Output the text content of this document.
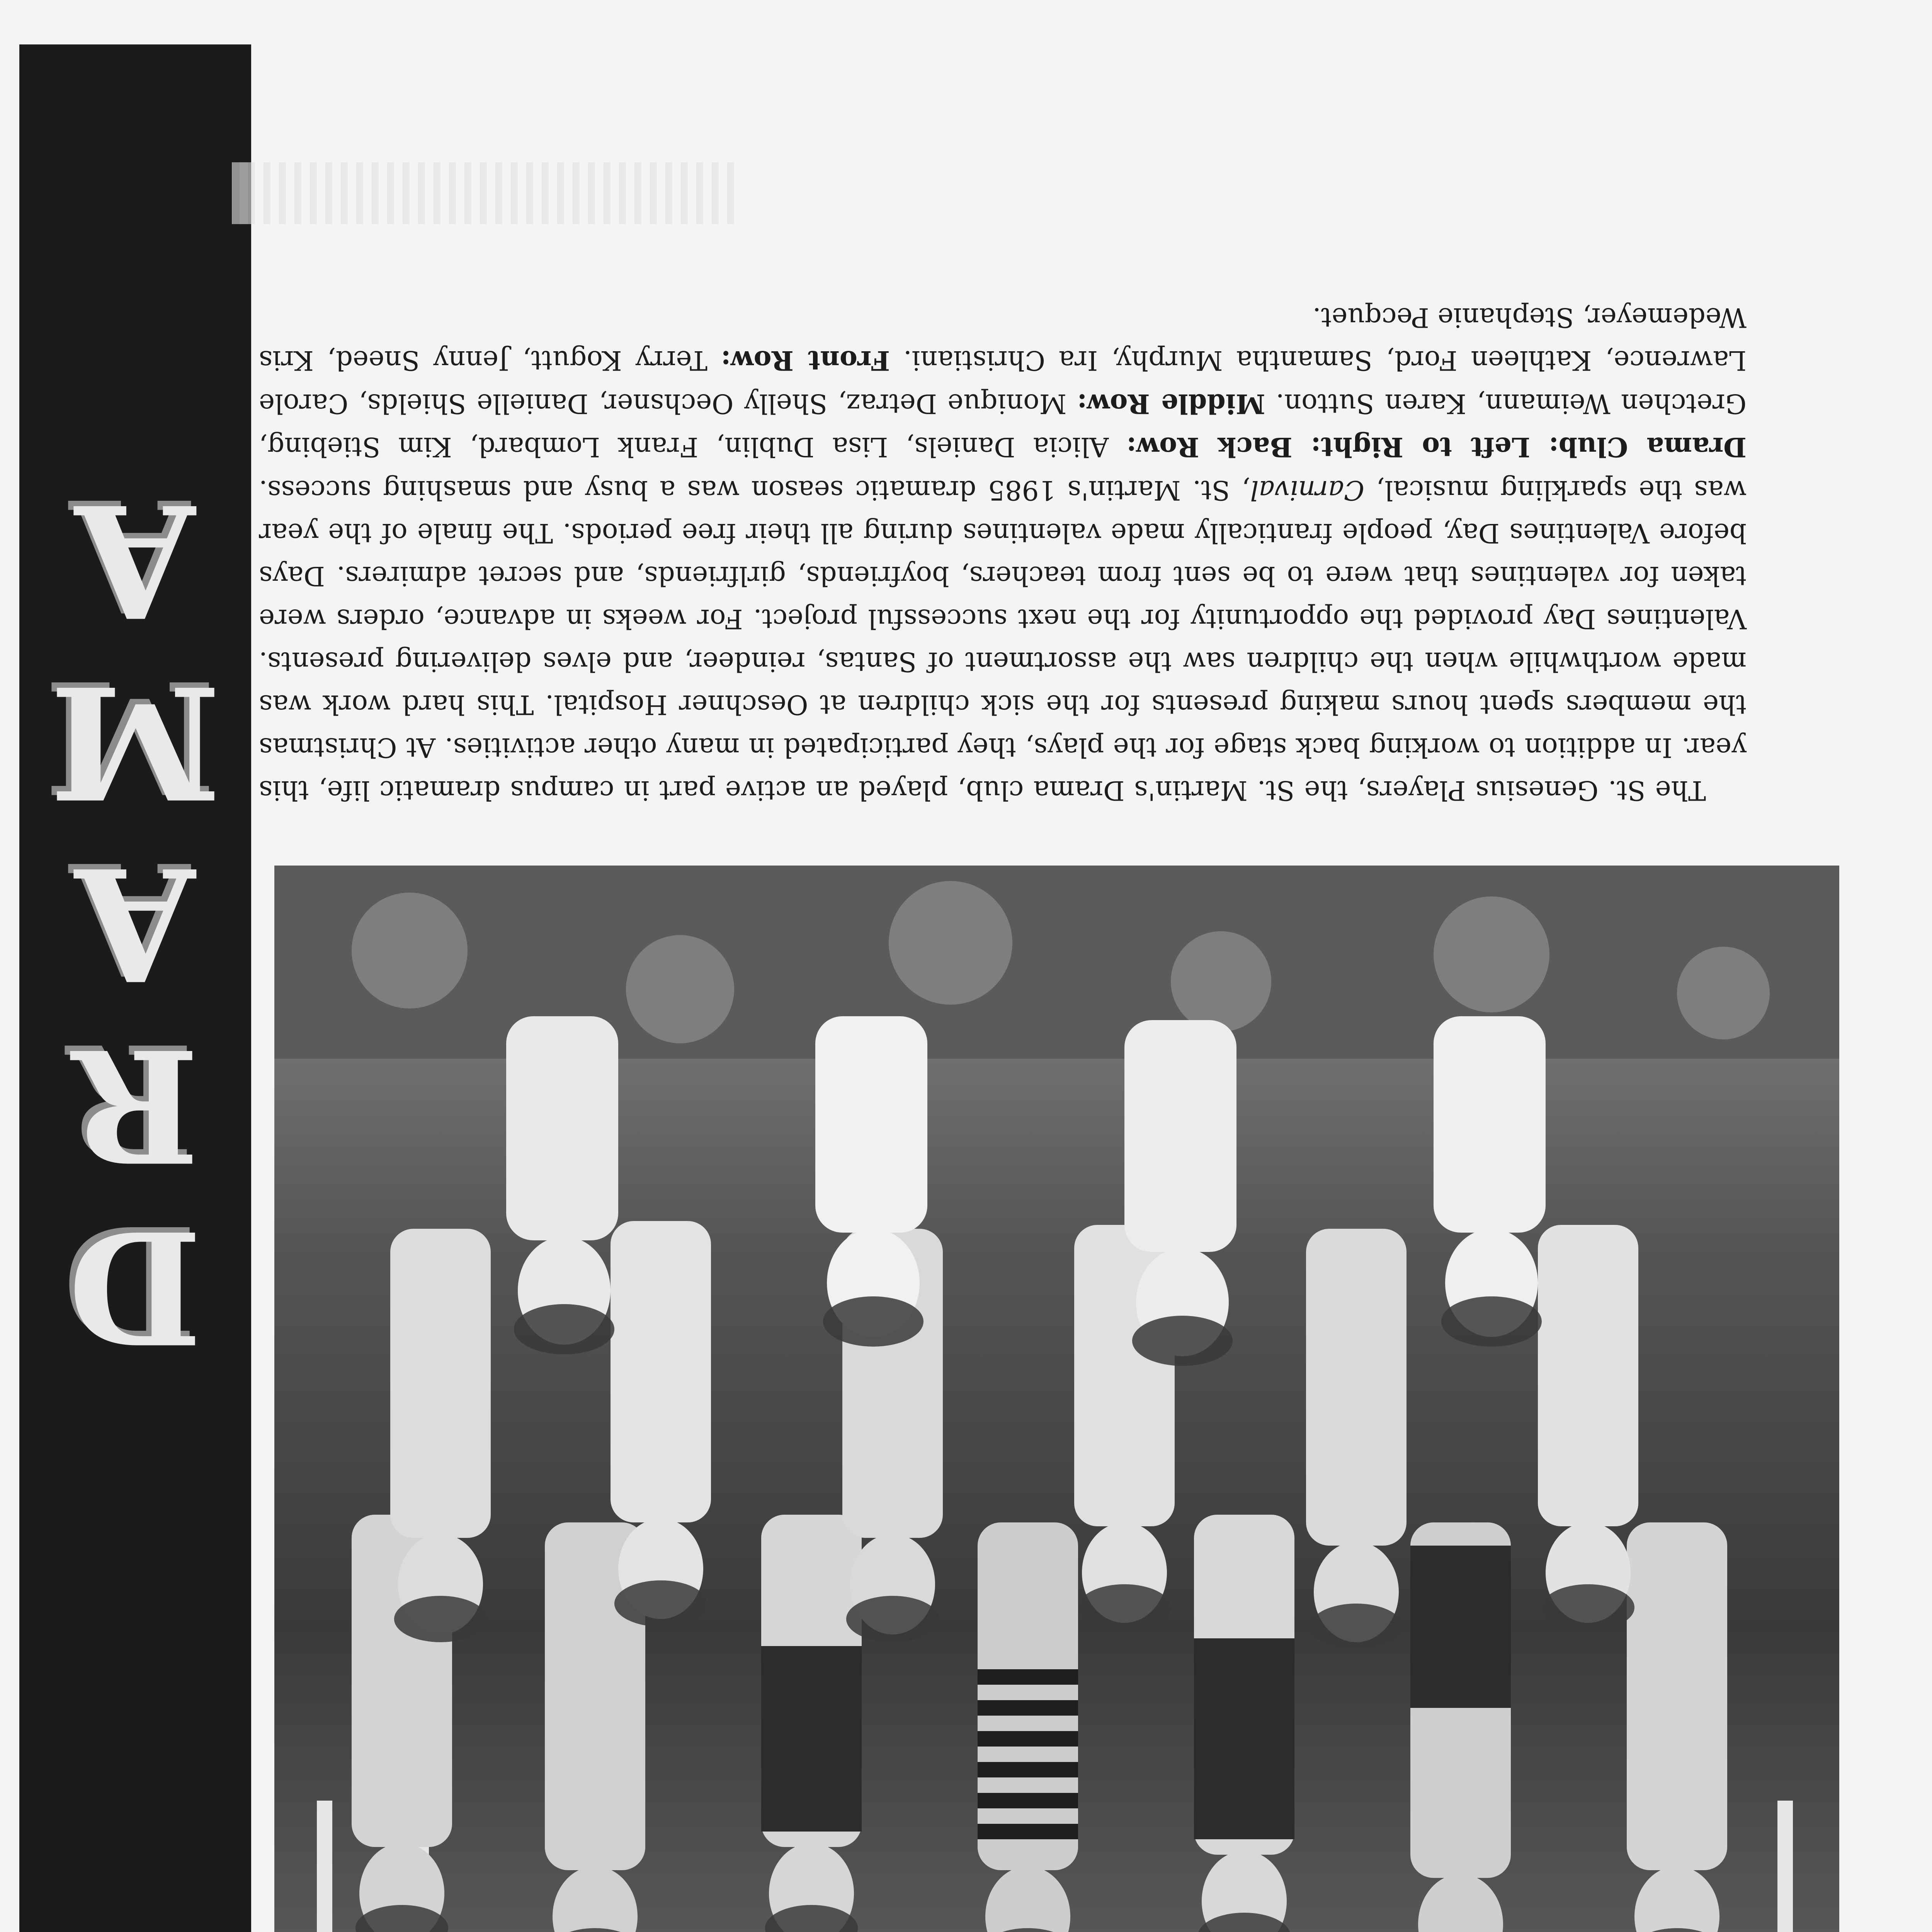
D
R
A
M
A
The St. Genesius Players, the St. Martin's Drama club, played an active part in campus dramatic life, this year. In addition to working back stage for the plays, they participated in many other activities. At Christmas the members spent hours making presents for the sick children at Oeschner Hospital. This hard work was made worthwhile when the children saw the assortment of Santas, reindeer, and elves delivering presents. Valentines Day provided the opportunity for the next successful project. For weeks in advance, orders were taken for valentines that were to be sent from teachers, boyfriends, girlfriends, and secret admirers. Days before Valentines Day, people frantically made valentines during all their free periods. The finale of the year was the sparkling musical, Carnival, St. Martin's 1985 dramatic season was a busy and smashing success. Drama Club: Left to Right: Back Row: Alicia Daniels, Lisa Dublin, Frank Lombard, Kim Stiebing, Gretchen Weimann, Karen Sutton. Middle Row: Monique Detraz, Shelly Oechsner, Danielle Shields, Carole Lawrence, Kathleen Ford, Samantha Murphy, Ira Christiani. Front Row: Terry Kogutt, Jenny Sneed, Kris Wedemeyer, Stephanie Pecquet.
